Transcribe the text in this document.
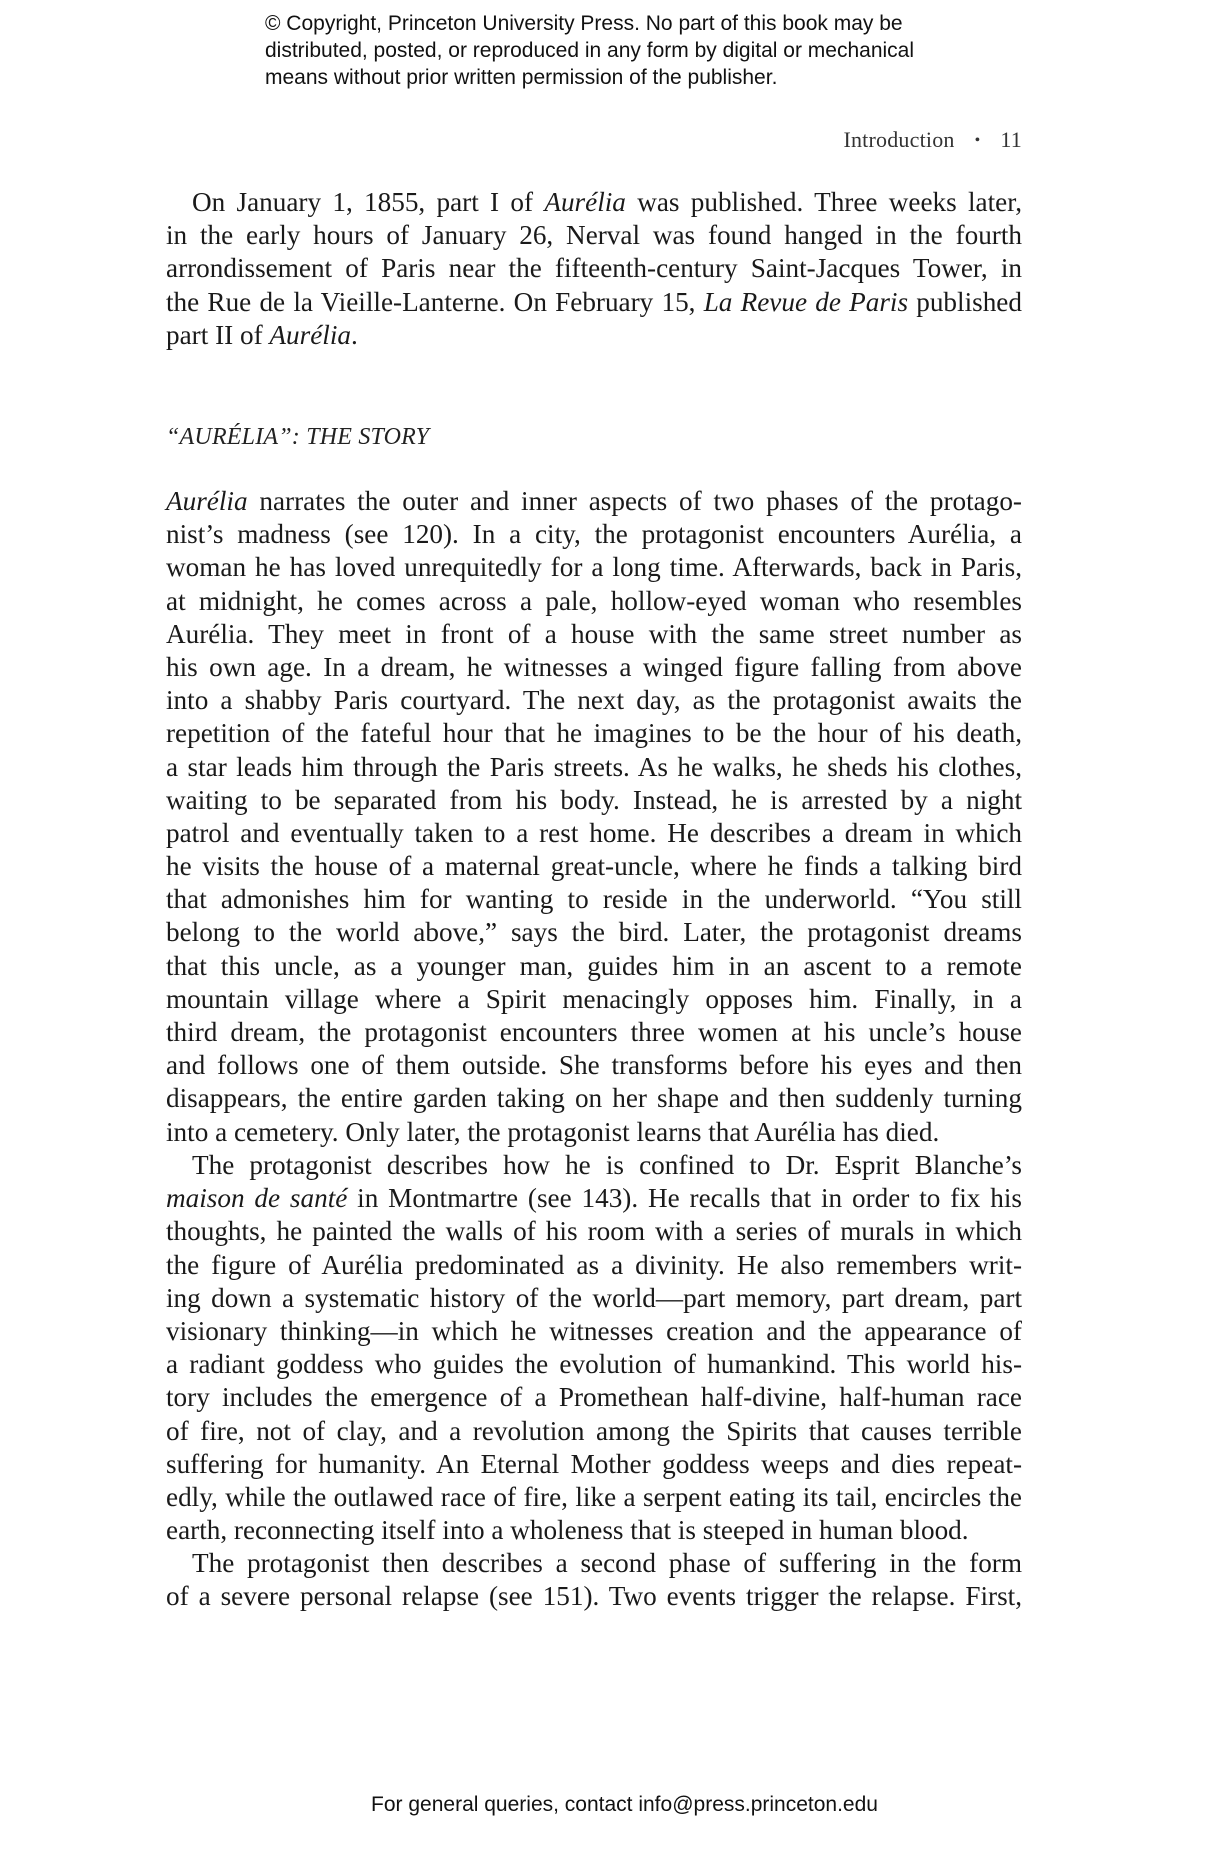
© Copyright, Princeton University Press. No part of this book may be
distributed, posted, or reproduced in any form by digital or mechanical
means without prior written permission of the publisher.
Introduction • 11
On January 1, 1855, part I of Aurélia was published. Three weeks later,
in the early hours of January 26, Nerval was found hanged in the fourth
arrondissement of Paris near the fifteenth-century Saint-Jacques Tower, in
the Rue de la Vieille-Lanterne. On February 15, La Revue de Paris published
part II of Aurélia.
“AURÉLIA”: THE STORY
Aurélia narrates the outer and inner aspects of two phases of the protago-
nist’s madness (see 120). In a city, the protagonist encounters Aurélia, a
woman he has loved unrequitedly for a long time. Afterwards, back in Paris,
at midnight, he comes across a pale, hollow-eyed woman who resembles
Aurélia. They meet in front of a house with the same street number as
his own age. In a dream, he witnesses a winged figure falling from above
into a shabby Paris courtyard. The next day, as the protagonist awaits the
repetition of the fateful hour that he imagines to be the hour of his death,
a star leads him through the Paris streets. As he walks, he sheds his clothes,
waiting to be separated from his body. Instead, he is arrested by a night
patrol and eventually taken to a rest home. He describes a dream in which
he visits the house of a maternal great-uncle, where he finds a talking bird
that admonishes him for wanting to reside in the underworld. “You still
belong to the world above,” says the bird. Later, the protagonist dreams
that this uncle, as a younger man, guides him in an ascent to a remote
mountain village where a Spirit menacingly opposes him. Finally, in a
third dream, the protagonist encounters three women at his uncle’s house
and follows one of them outside. She transforms before his eyes and then
disappears, the entire garden taking on her shape and then suddenly turning
into a cemetery. Only later, the protagonist learns that Aurélia has died.
The protagonist describes how he is confined to Dr. Esprit Blanche’s
maison de santé in Montmartre (see 143). He recalls that in order to fix his
thoughts, he painted the walls of his room with a series of murals in which
the figure of Aurélia predominated as a divinity. He also remembers writ-
ing down a systematic history of the world—part memory, part dream, part
visionary thinking—in which he witnesses creation and the appearance of
a radiant goddess who guides the evolution of humankind. This world his-
tory includes the emergence of a Promethean half-divine, half-human race
of fire, not of clay, and a revolution among the Spirits that causes terrible
suffering for humanity. An Eternal Mother goddess weeps and dies repeat-
edly, while the outlawed race of fire, like a serpent eating its tail, encircles the
earth, reconnecting itself into a wholeness that is steeped in human blood.
The protagonist then describes a second phase of suffering in the form
of a severe personal relapse (see 151). Two events trigger the relapse. First,
For general queries, contact info@press.princeton.edu
